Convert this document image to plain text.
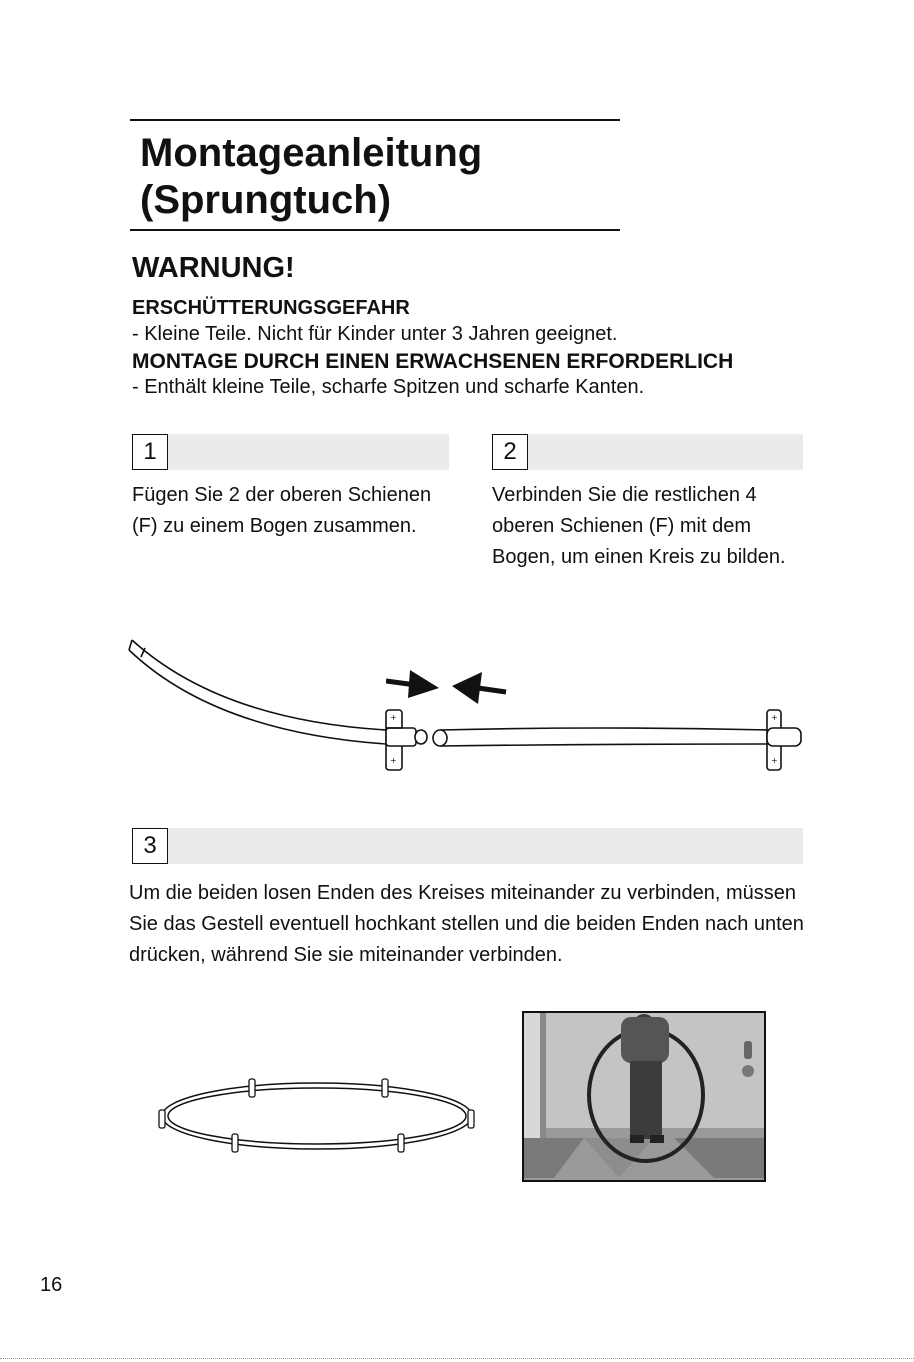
Montageanleitung
(Sprungtuch)
WARNUNG!
ERSCHÜTTERUNGSGEFAHR
- Kleine Teile. Nicht für Kinder unter 3 Jahren geeignet.
MONTAGE DURCH EINEN ERWACHSENEN ERFORDERLICH
- Enthält kleine Teile, scharfe Spitzen und scharfe Kanten.
1
Fügen Sie 2 der oberen Schienen (F) zu einem Bogen zusammen.
2
Verbinden Sie die restlichen 4 oberen Schienen (F) mit dem Bogen, um einen Kreis zu bilden.
+
+
+
+
3
Um die beiden losen Enden des Kreises miteinander zu verbinden, müssen Sie das Gestell eventuell hochkant stellen und die beiden Enden nach unten drücken, während Sie sie miteinander verbinden.
16
